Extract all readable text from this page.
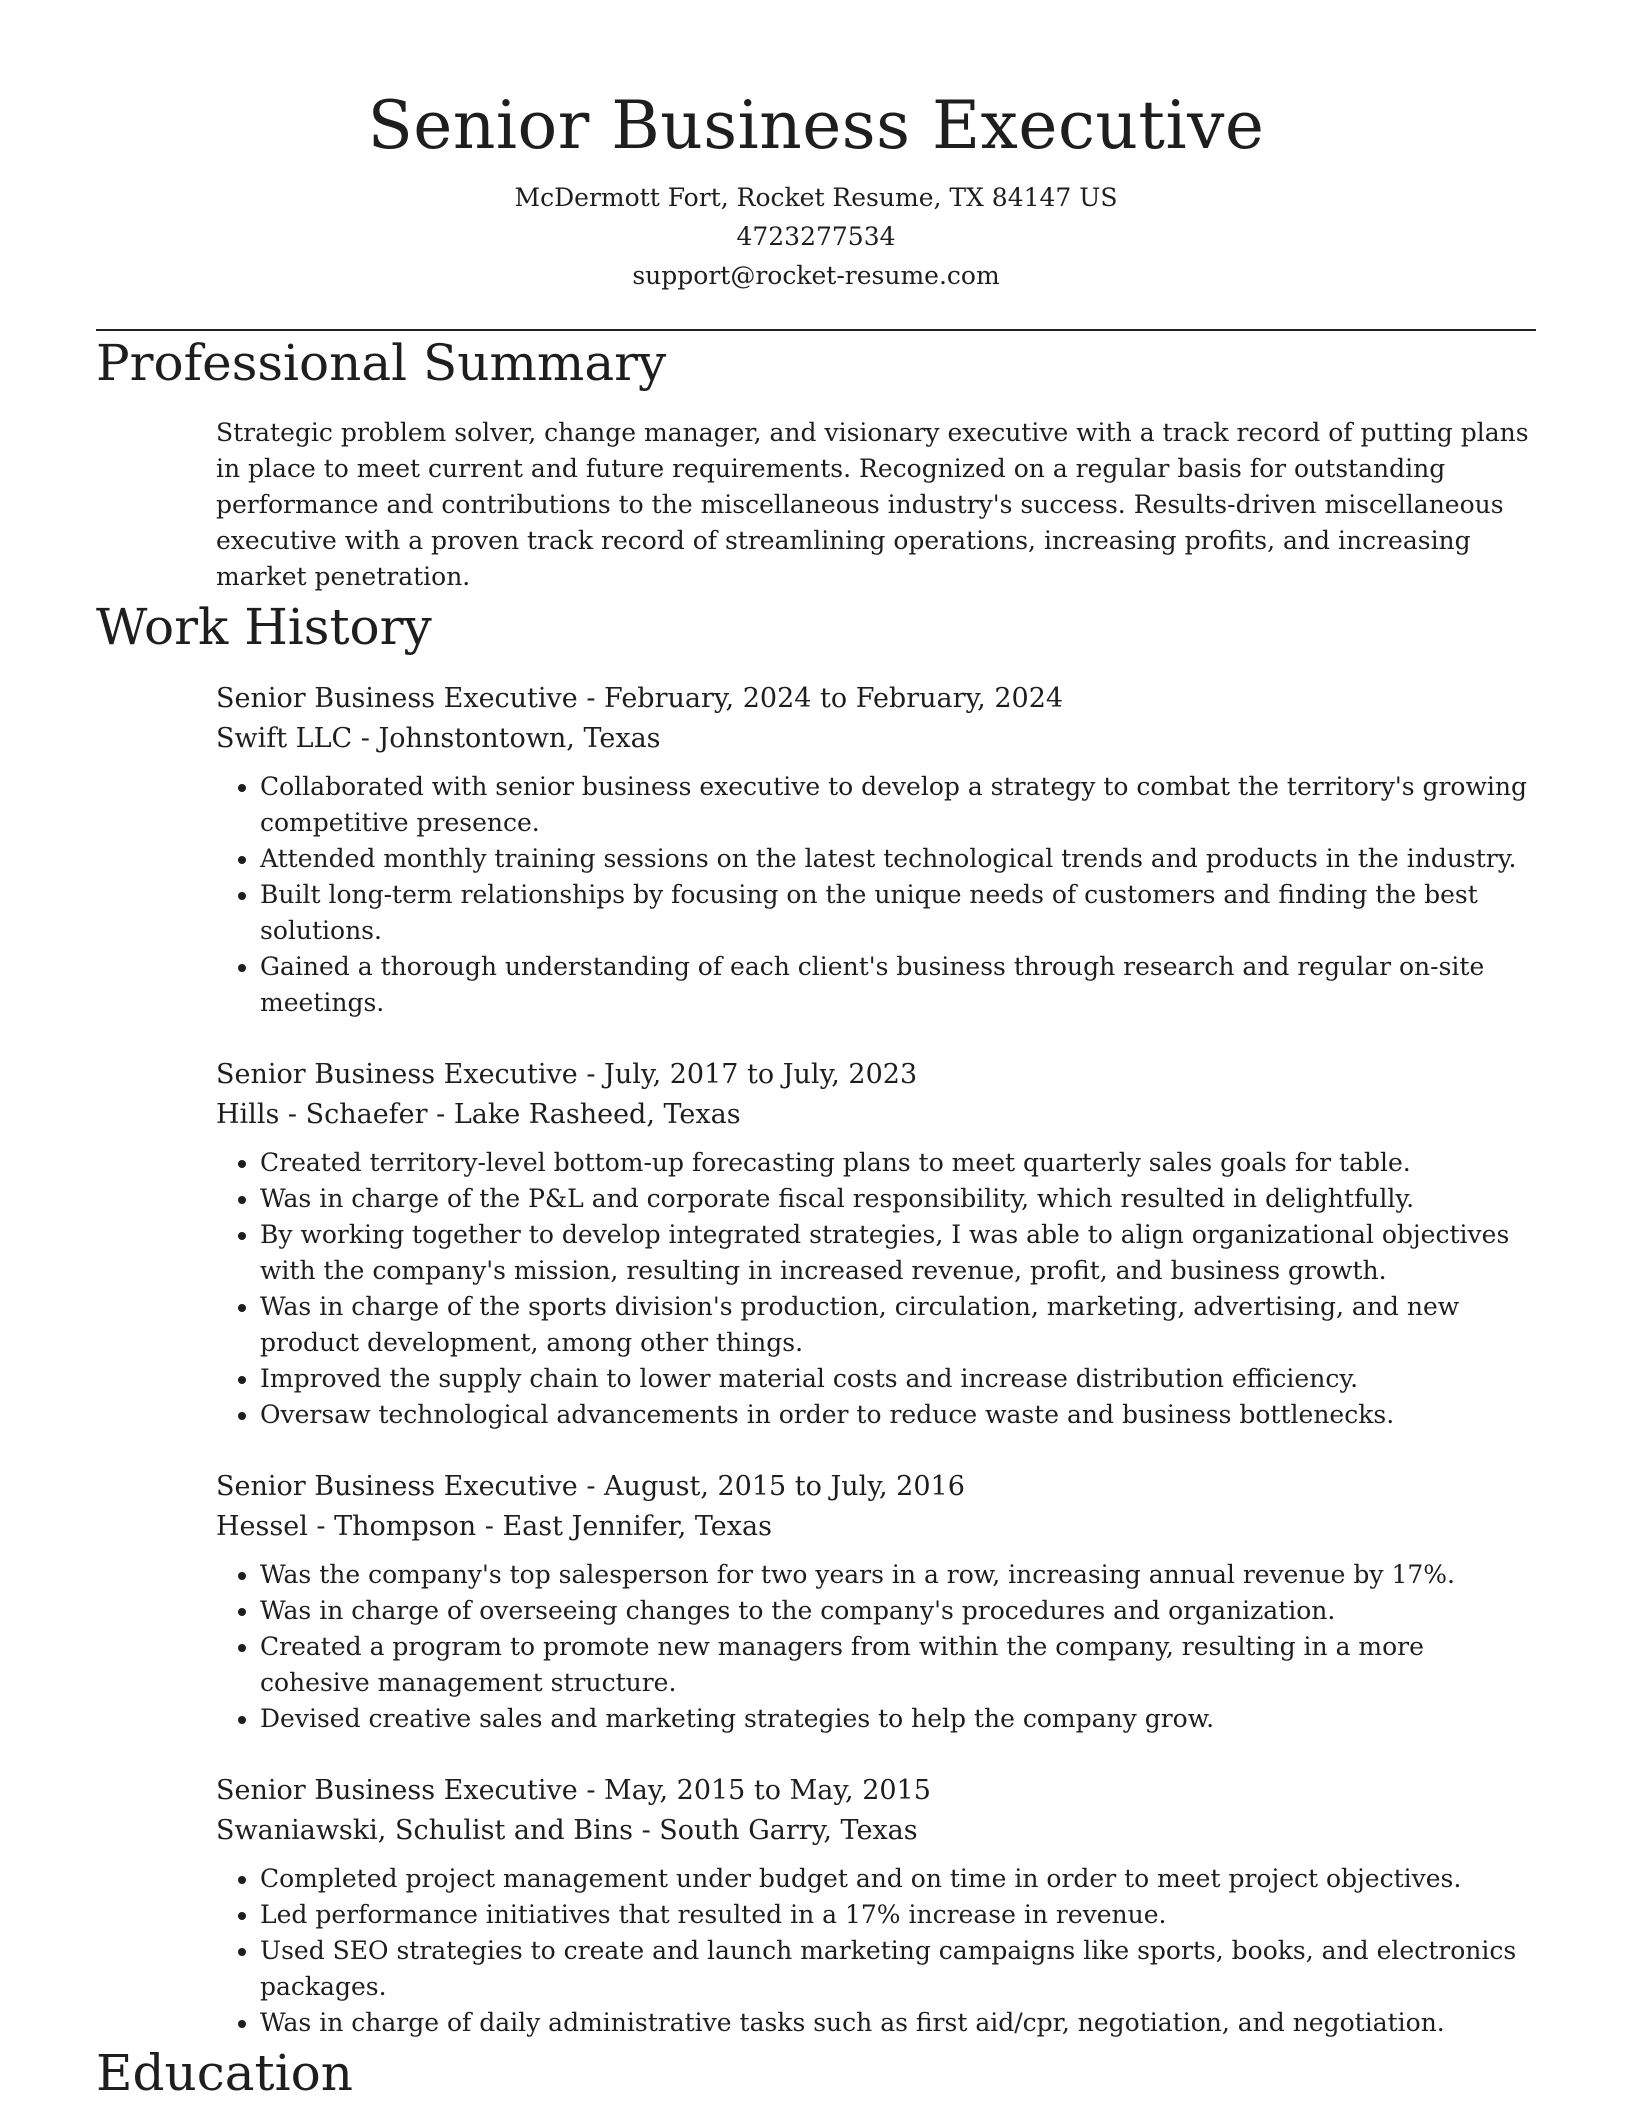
Senior Business Executive
McDermott Fort, Rocket Resume, TX 84147 US
4723277534
support@rocket-resume.com
Professional Summary
Strategic problem solver, change manager, and visionary executive with a track record of putting plans in place to meet current and future requirements. Recognized on a regular basis for outstanding performance and contributions to the miscellaneous industry's success. Results-driven miscellaneous executive with a proven track record of streamlining operations, increasing profits, and increasing market penetration.
Work History
Senior Business Executive - February, 2024 to February, 2024
Swift LLC - Johnstontown, Texas
• Collaborated with senior business executive to develop a strategy to combat the territory's growing competitive presence.
• Attended monthly training sessions on the latest technological trends and products in the industry.
• Built long-term relationships by focusing on the unique needs of customers and finding the best solutions.
• Gained a thorough understanding of each client's business through research and regular on-site meetings.
Senior Business Executive - July, 2017 to July, 2023
Hills - Schaefer - Lake Rasheed, Texas
• Created territory-level bottom-up forecasting plans to meet quarterly sales goals for table.
• Was in charge of the P&L and corporate fiscal responsibility, which resulted in delightfully.
• By working together to develop integrated strategies, I was able to align organizational objectives with the company's mission, resulting in increased revenue, profit, and business growth.
• Was in charge of the sports division's production, circulation, marketing, advertising, and new product development, among other things.
• Improved the supply chain to lower material costs and increase distribution efficiency.
• Oversaw technological advancements in order to reduce waste and business bottlenecks.
Senior Business Executive - August, 2015 to July, 2016
Hessel - Thompson - East Jennifer, Texas
• Was the company's top salesperson for two years in a row, increasing annual revenue by 17%.
• Was in charge of overseeing changes to the company's procedures and organization.
• Created a program to promote new managers from within the company, resulting in a more cohesive management structure.
• Devised creative sales and marketing strategies to help the company grow.
Senior Business Executive - May, 2015 to May, 2015
Swaniawski, Schulist and Bins - South Garry, Texas
• Completed project management under budget and on time in order to meet project objectives.
• Led performance initiatives that resulted in a 17% increase in revenue.
• Used SEO strategies to create and launch marketing campaigns like sports, books, and electronics packages.
• Was in charge of daily administrative tasks such as first aid/cpr, negotiation, and negotiation.
Education
